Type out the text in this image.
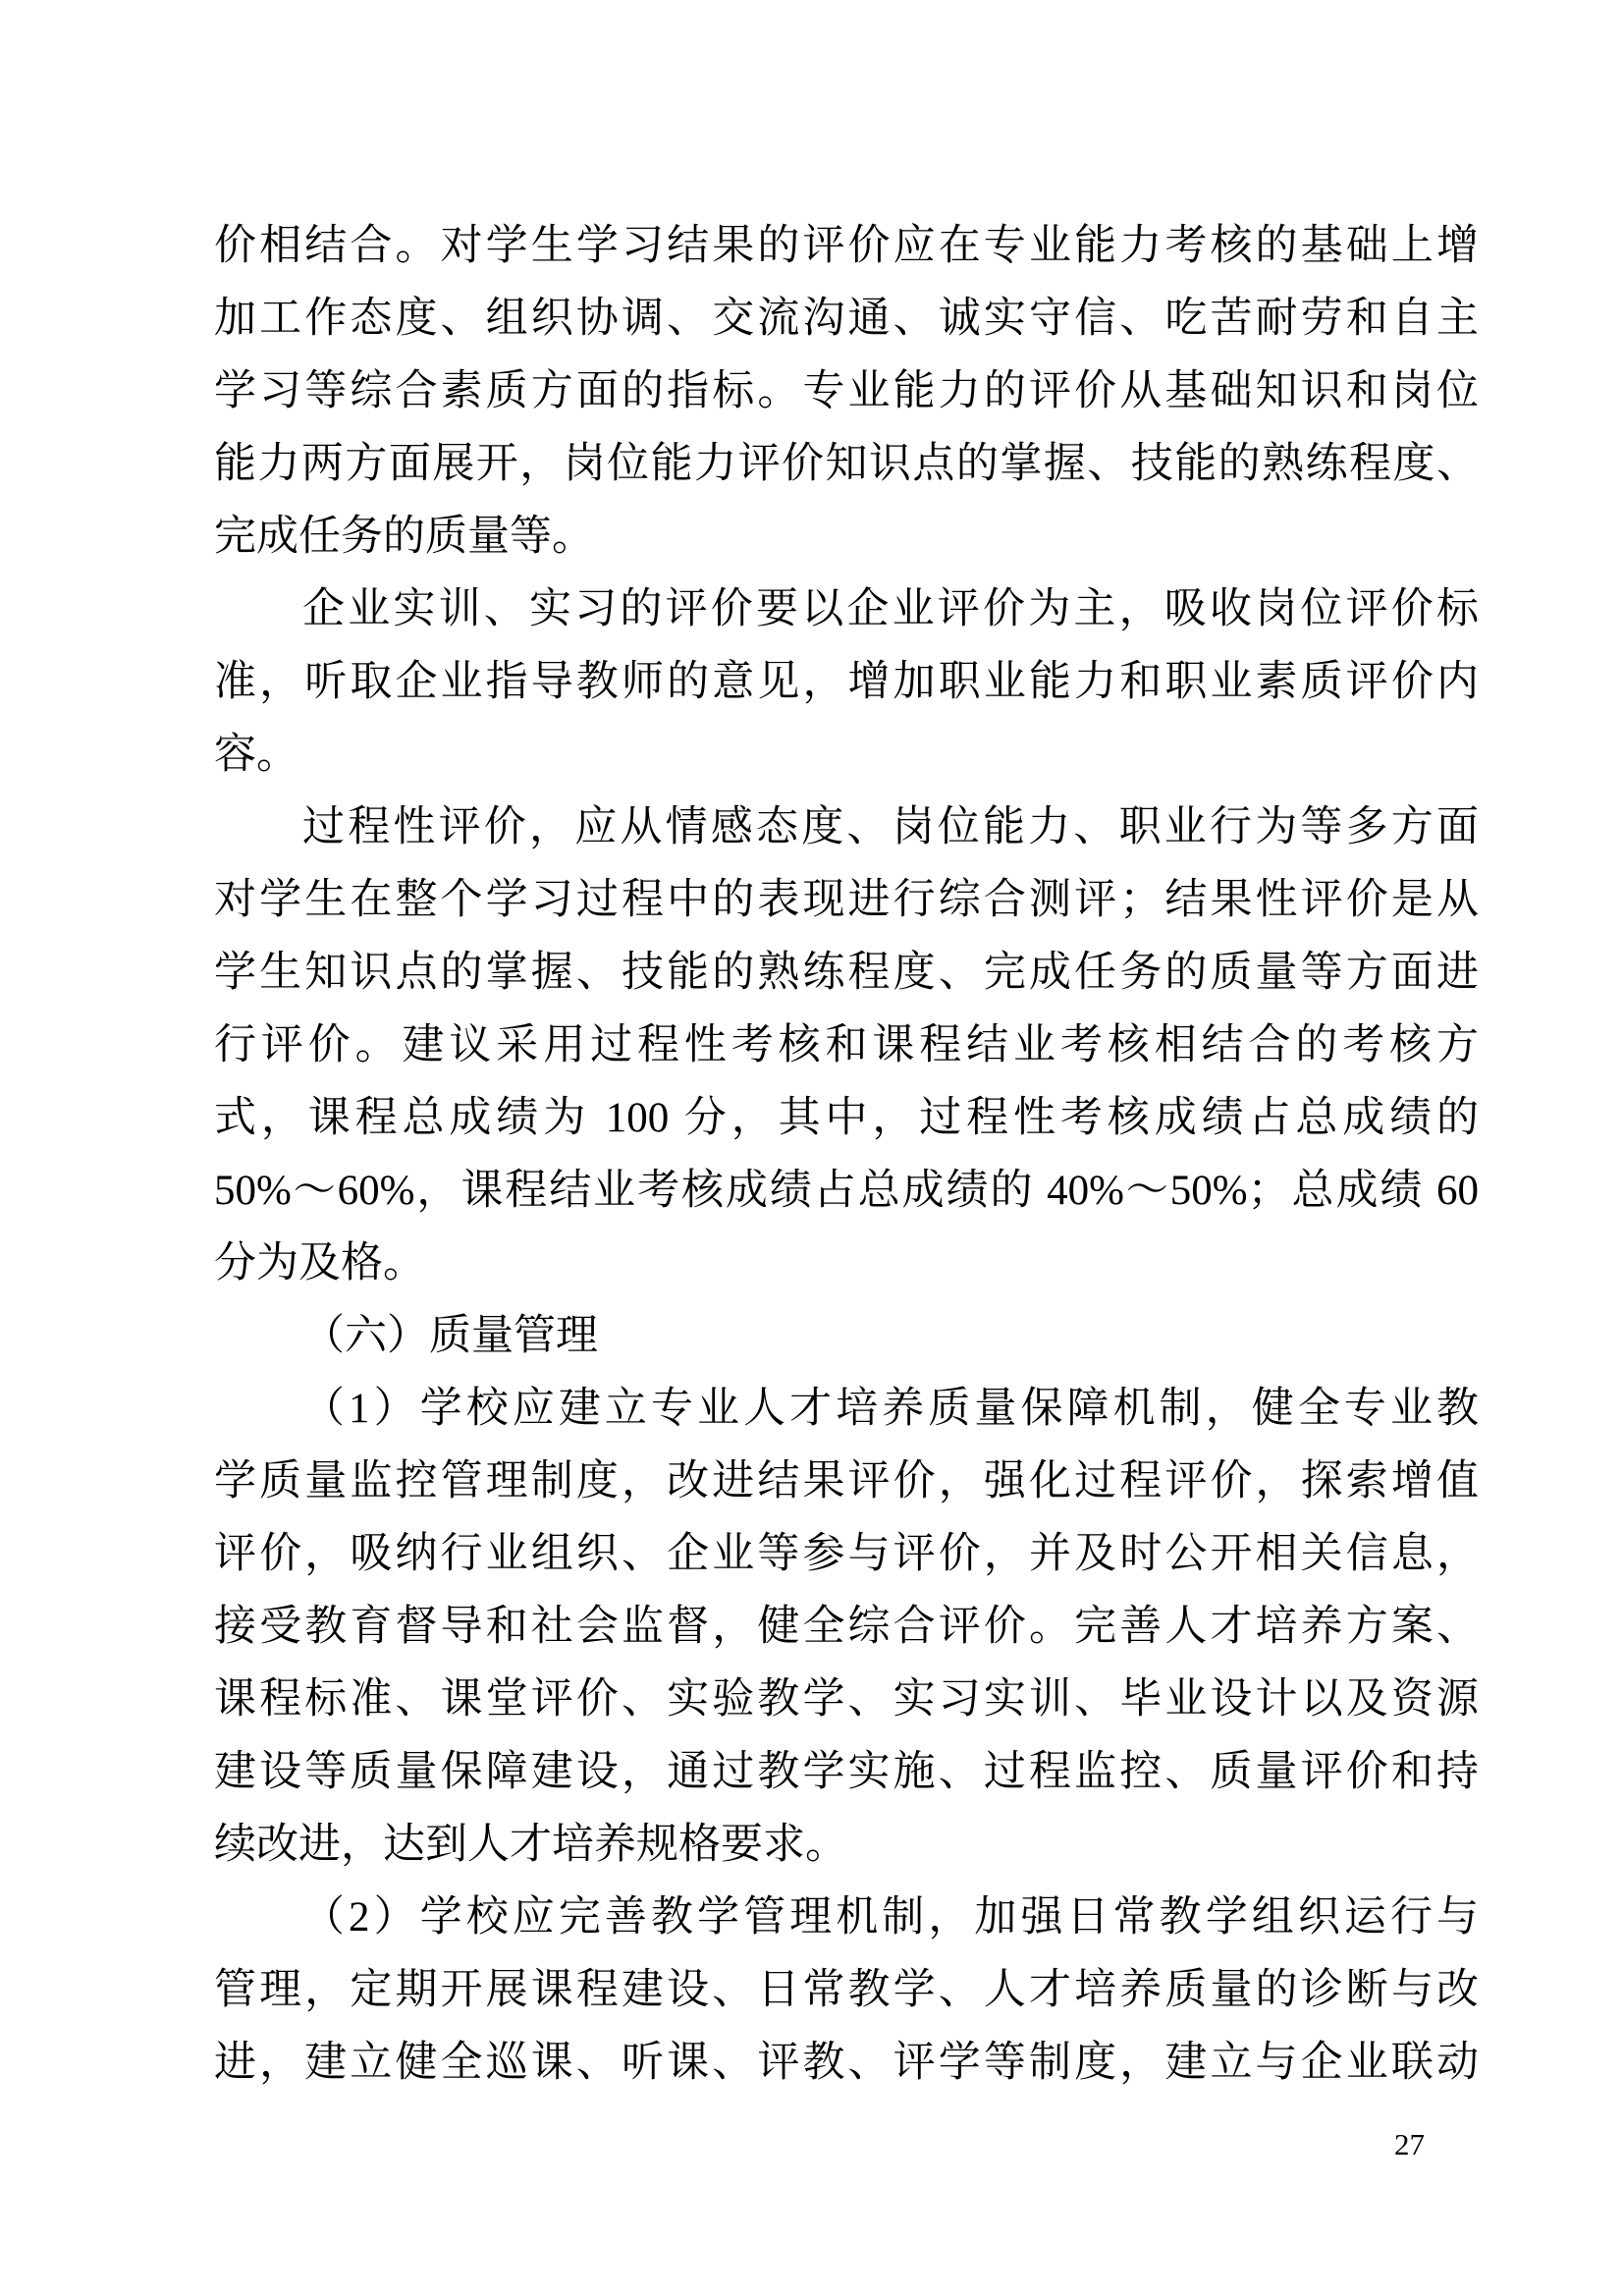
价相结合。对学生学习结果的评价应在专业能力考核的基础上增
加工作态度、组织协调、交流沟通、诚实守信、吃苦耐劳和自主
学习等综合素质方面的指标。专业能力的评价从基础知识和岗位
能力两方面展开，岗位能力评价知识点的掌握、技能的熟练程度、
完成任务的质量等。
企业实训、实习的评价要以企业评价为主，吸收岗位评价标
准，听取企业指导教师的意见，增加职业能力和职业素质评价内
容。
过程性评价，应从情感态度、岗位能力、职业行为等多方面
对学生在整个学习过程中的表现进行综合测评；结果性评价是从
学生知识点的掌握、技能的熟练程度、完成任务的质量等方面进
行评价。建议采用过程性考核和课程结业考核相结合的考核方
式，课程总成绩为 100 分，其中，过程性考核成绩占总成绩的
50%～60%，课程结业考核成绩占总成绩的 40%～50%；总成绩 60
分为及格。
（六）质量管理
（1）学校应建立专业人才培养质量保障机制，健全专业教
学质量监控管理制度，改进结果评价，强化过程评价，探索增值
评价，吸纳行业组织、企业等参与评价，并及时公开相关信息，
接受教育督导和社会监督，健全综合评价。完善人才培养方案、
课程标准、课堂评价、实验教学、实习实训、毕业设计以及资源
建设等质量保障建设，通过教学实施、过程监控、质量评价和持
续改进，达到人才培养规格要求。
（2）学校应完善教学管理机制，加强日常教学组织运行与
管理，定期开展课程建设、日常教学、人才培养质量的诊断与改
进，建立健全巡课、听课、评教、评学等制度，建立与企业联动
27
